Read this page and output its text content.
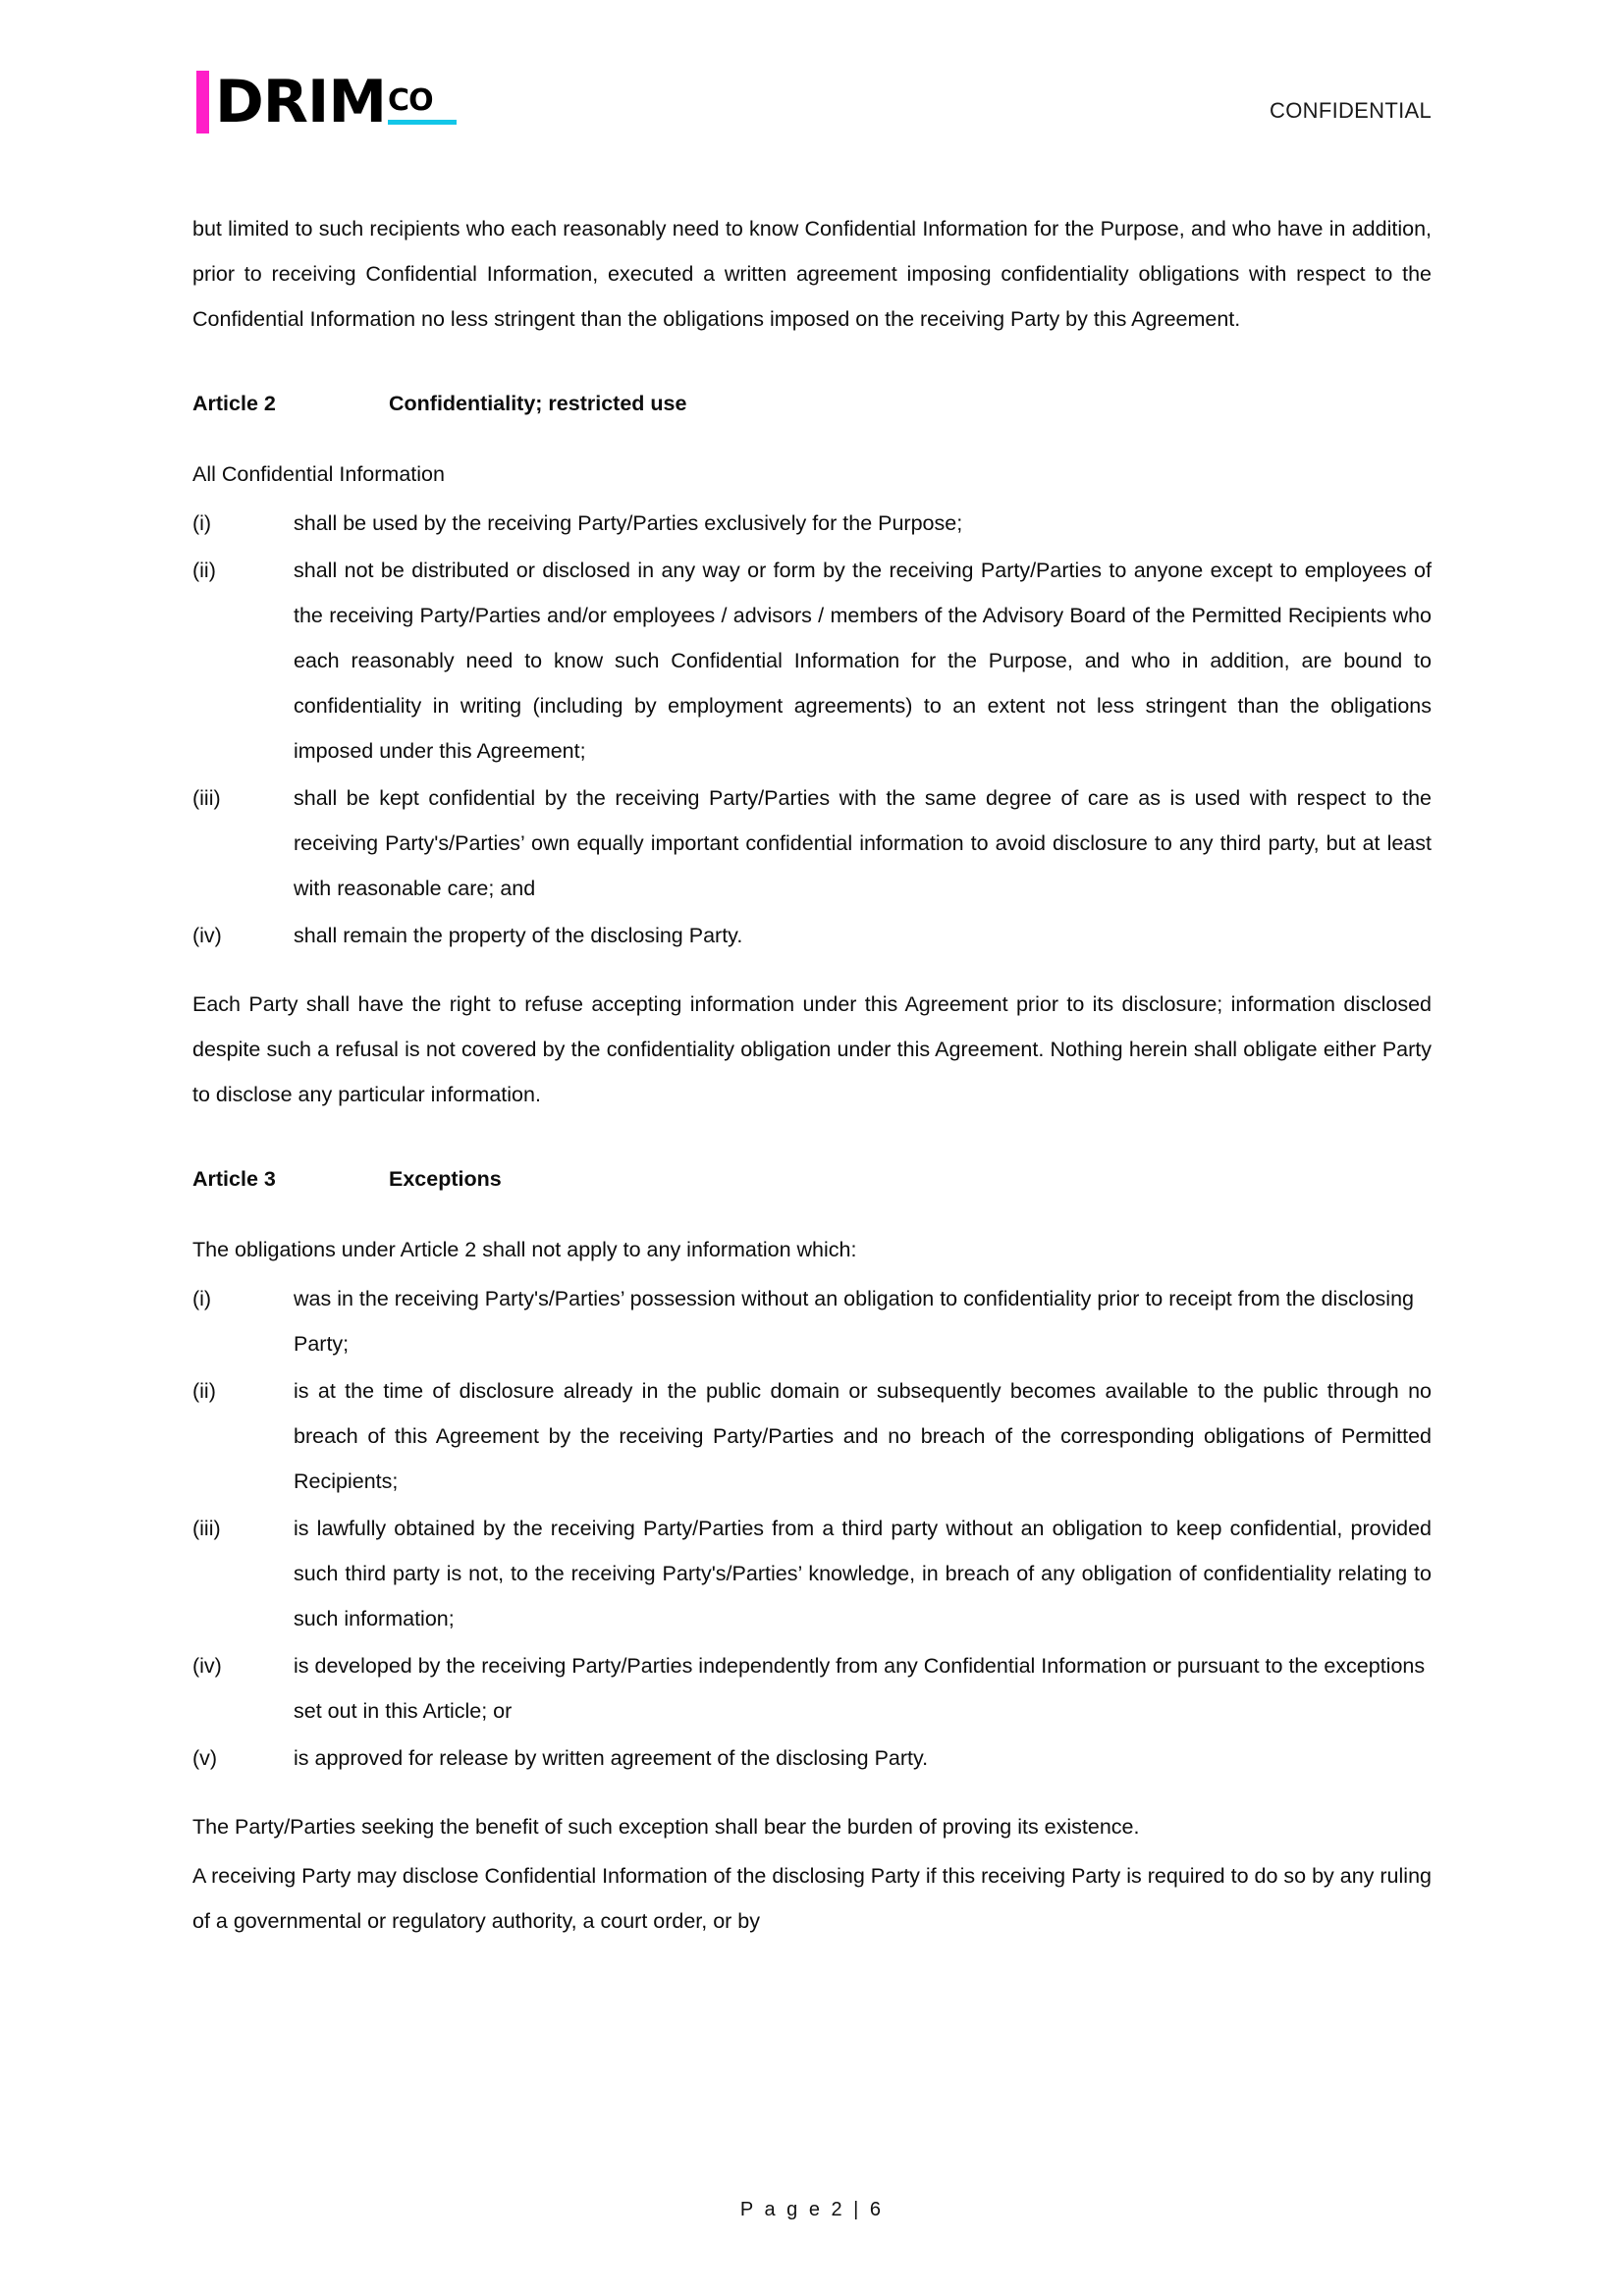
DRIM CO	CONFIDENTIAL

but limited to such recipients who each reasonably need to know Confidential Information for the Purpose, and who have in addition, prior to receiving Confidential Information, executed a written agreement imposing confidentiality obligations with respect to the Confidential Information no less stringent than the obligations imposed on the receiving Party by this Agreement.

Article 2	Confidentiality; restricted use

All Confidential Information

(i)	shall be used by the receiving Party/Parties exclusively for the Purpose;
(ii)	shall not be distributed or disclosed in any way or form by the receiving Party/Parties to anyone except to employees of the receiving Party/Parties and/or employees / advisors / members of the Advisory Board of the Permitted Recipients who each reasonably need to know such Confidential Information for the Purpose, and who in addition, are bound to confidentiality in writing (including by employment agreements) to an extent not less stringent than the obligations imposed under this Agreement;
(iii)	shall be kept confidential by the receiving Party/Parties with the same degree of care as is used with respect to the receiving Party's/Parties’ own equally important confidential information to avoid disclosure to any third party, but at least with reasonable care; and
(iv)	shall remain the property of the disclosing Party.

Each Party shall have the right to refuse accepting information under this Agreement prior to its disclosure; information disclosed despite such a refusal is not covered by the confidentiality obligation under this Agreement. Nothing herein shall obligate either Party to disclose any particular information.

Article 3	Exceptions

The obligations under Article 2 shall not apply to any information which:

(i)	was in the receiving Party's/Parties’ possession without an obligation to confidentiality prior to receipt from the disclosing Party;
(ii)	is at the time of disclosure already in the public domain or subsequently becomes available to the public through no breach of this Agreement by the receiving Party/Parties and no breach of the corresponding obligations of Permitted Recipients;
(iii)	is lawfully obtained by the receiving Party/Parties from a third party without an obligation to keep confidential, provided such third party is not, to the receiving Party's/Parties’ knowledge, in breach of any obligation of confidentiality relating to such information;
(iv)	is developed by the receiving Party/Parties independently from any Confidential Information or pursuant to the exceptions set out in this Article; or
(v)	is approved for release by written agreement of the disclosing Party.

The Party/Parties seeking the benefit of such exception shall bear the burden of proving its existence.

A receiving Party may disclose Confidential Information of the disclosing Party if this receiving Party is required to do so by any ruling of a governmental or regulatory authority, a court order, or by

P a g e 2 | 6
